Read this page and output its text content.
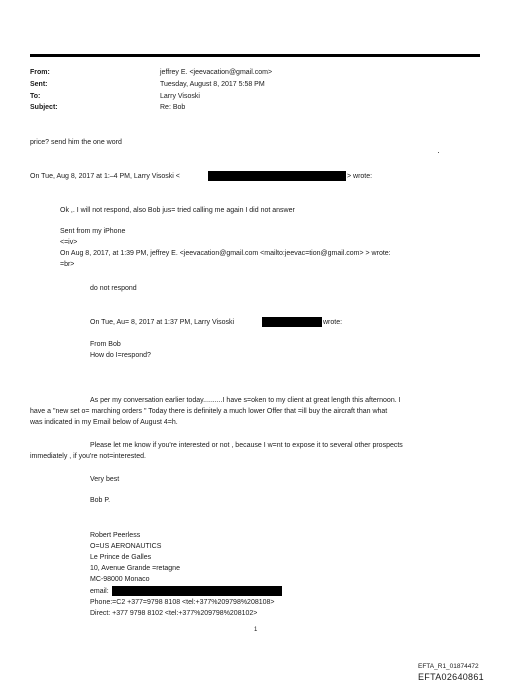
From:
Sent:
To:
Subject:
jeffrey E. <jeevacation@gmail.com>
Tuesday, August 8, 2017 5:58 PM
Larry Visoski
Re: Bob
price? send him the one word
On Tue, Aug 8, 2017 at 1:–4 PM, Larry Visoski <	> wrote:
Ok ,. I will not respond, also Bob jus= tried calling me again I did not answer
Sent from my iPhone
<=iv>
On Aug 8, 2017, at 1:39 PM, jeffrey E. <jeevacation@gmail.com <mailto:jeevac=tion@gmail.com> > wrote:
=br>
do not respond
On Tue, Au= 8, 2017 at 1:37 PM, Larry Visoski	wrote:
From Bob
How do I=respond?
As per my conversation earlier today..........I have s=oken to my client at great length this afternoon. I
have a "new set o= marching orders " Today there is definitely a much lower Offer that =ill buy the aircraft than what
was indicated in my Email below of August 4=h.
Please let me know if you're interested or not , because I w=nt to expose it to several other prospects
immediately , if you're not=interested.
Very best
Bob P.
Robert Peerless
O=US AERONAUTICS
Le Prince de Galles
10, Avenue Grande =retagne
MC-98000 Monaco
email:
Phone:=C2 +377=9798 8108 <tel:+377%209798%208108>
Direct: +377 9798 8102 <tel:+377%209798%208102>
1
EFTA_R1_01874472
EFTA02640861
